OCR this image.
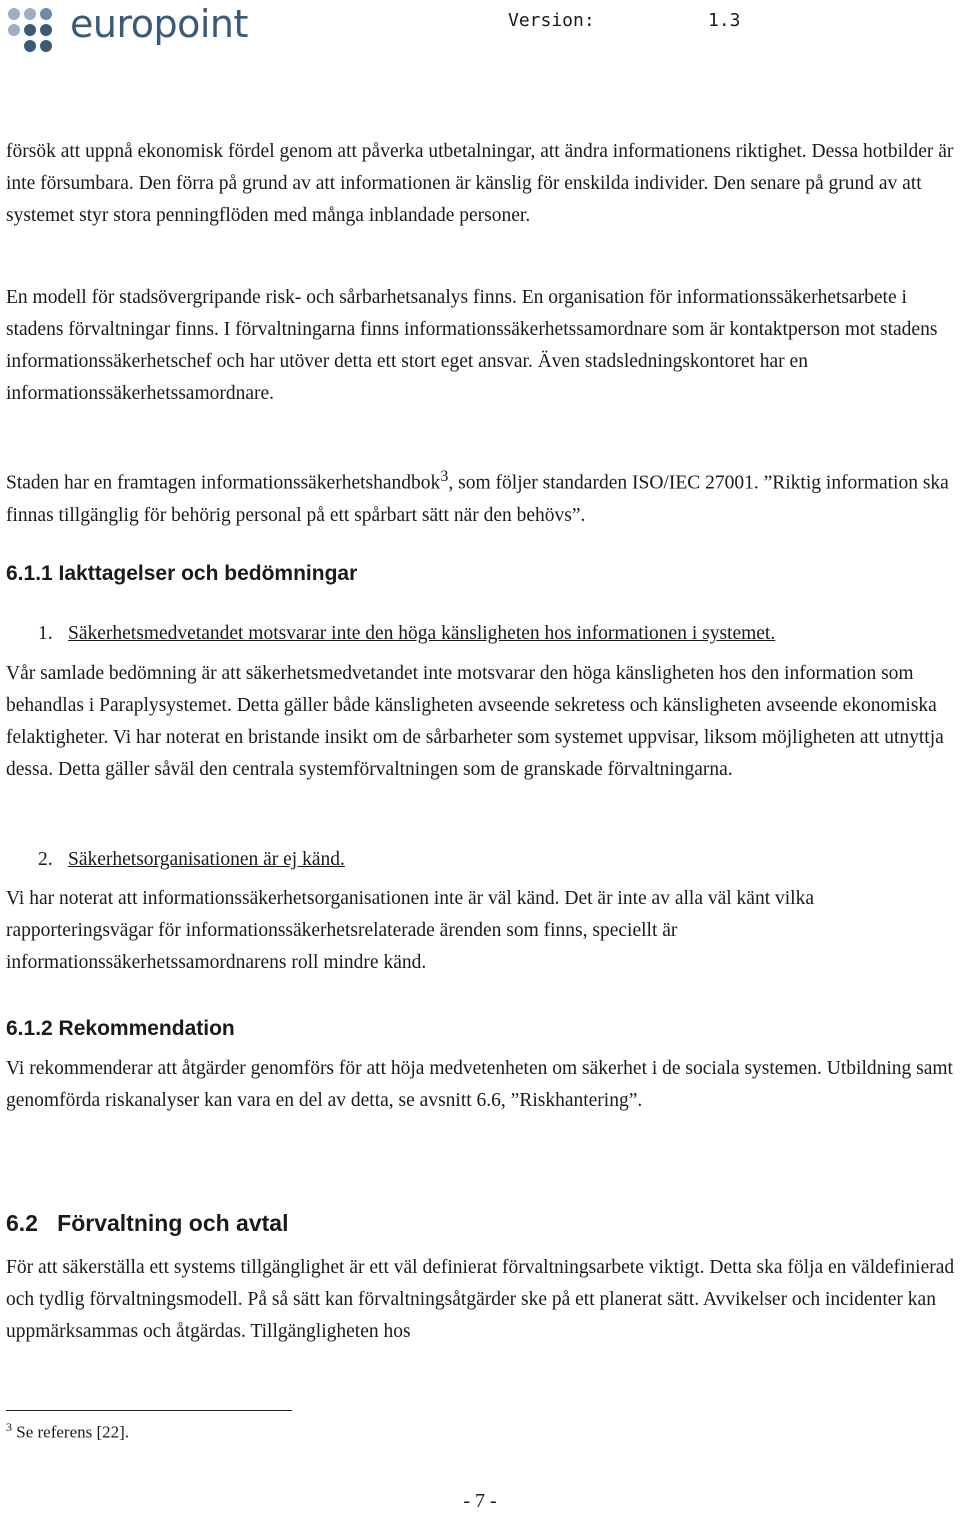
europoint	Version:	1.3

försök att uppnå ekonomisk fördel genom att påverka utbetalningar, att ändra informationens riktighet. Dessa hotbilder är inte försumbara. Den förra på grund av att informationen är känslig för enskilda individer. Den senare på grund av att systemet styr stora penningflöden med många inblandade personer.

En modell för stadsövergripande risk- och sårbarhetsanalys finns. En organisation för informationssäkerhetsarbete i stadens förvaltningar finns. I förvaltningarna finns informationssäkerhetssamordnare som är kontaktperson mot stadens informationssäkerhetschef och har utöver detta ett stort eget ansvar. Även stadsledningskontoret har en informationssäkerhetssamordnare.

Staden har en framtagen informationssäkerhetshandbok$^3$, som följer standarden ISO/IEC 27001. ”Riktig information ska finnas tillgänglig för behörig personal på ett spårbart sätt när den behövs”.

6.1.1 Iakttagelser och bedömningar

1. Säkerhetsmedvetandet motsvarar inte den höga känsligheten hos informationen i systemet.

Vår samlade bedömning är att säkerhetsmedvetandet inte motsvarar den höga känsligheten hos den information som behandlas i Paraplysystemet. Detta gäller både känsligheten avseende sekretess och känsligheten avseende ekonomiska felaktigheter. Vi har noterat en bristande insikt om de sårbarheter som systemet uppvisar, liksom möjligheten att utnyttja dessa. Detta gäller såväl den centrala systemförvaltningen som de granskade förvaltningarna.

2. Säkerhetsorganisationen är ej känd.

Vi har noterat att informationssäkerhetsorganisationen inte är väl känd. Det är inte av alla väl känt vilka rapporteringsvägar för informationssäkerhetsrelaterade ärenden som finns, speciellt är informationssäkerhetssamordnarens roll mindre känd.

6.1.2 Rekommendation

Vi rekommenderar att åtgärder genomförs för att höja medvetenheten om säkerhet i de sociala systemen. Utbildning samt genomförda riskanalyser kan vara en del av detta, se avsnitt 6.6, ”Riskhantering”.

6.2 Förvaltning och avtal

För att säkerställa ett systems tillgänglighet är ett väl definierat förvaltningsarbete viktigt. Detta ska följa en väldefinierad och tydlig förvaltningsmodell. På så sätt kan förvaltningsåtgärder ske på ett planerat sätt. Avvikelser och incidenter kan uppmärksammas och åtgärdas. Tillgängligheten hos

$^3$ Se referens [22].
- 7 -
